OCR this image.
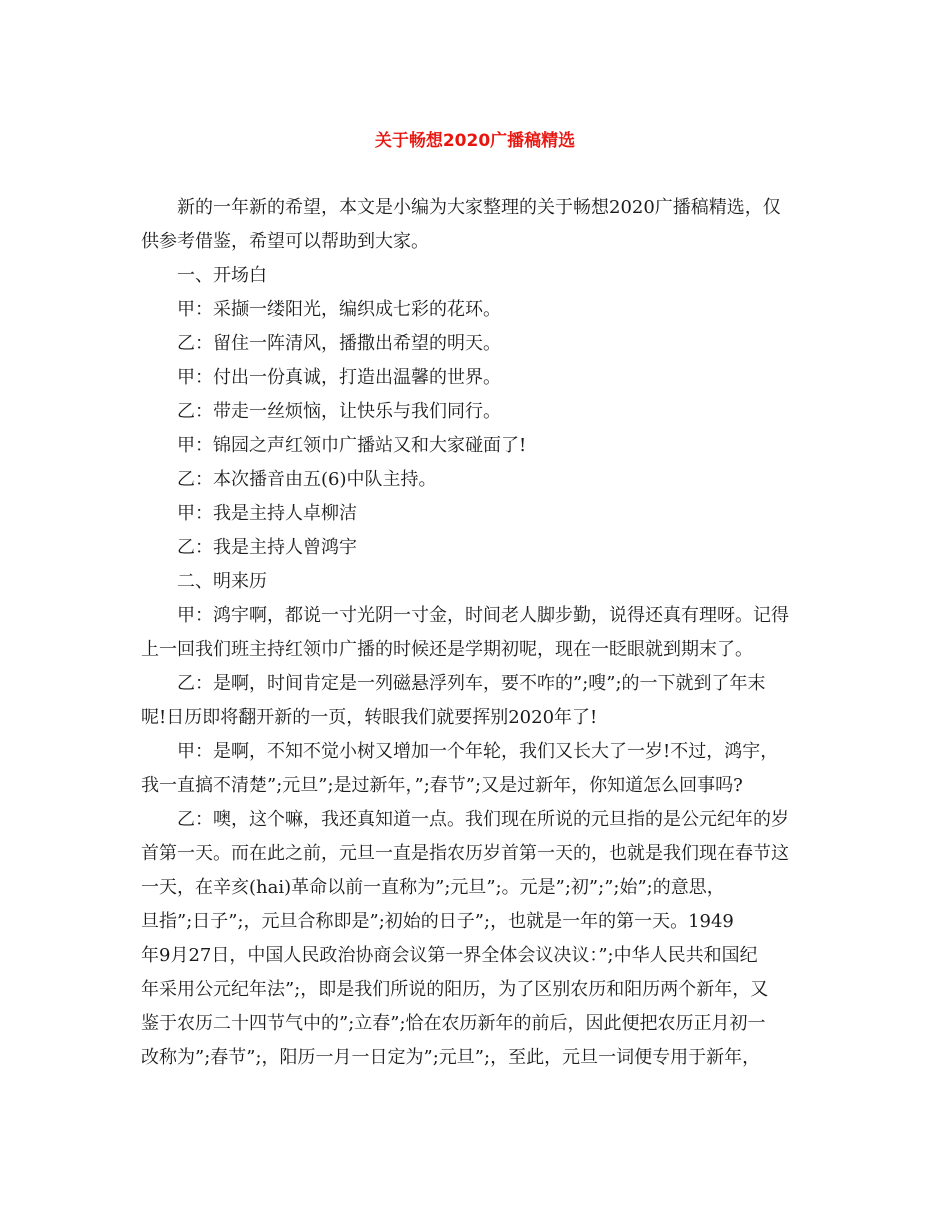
关于畅想2020广播稿精选
新的一年新的希望，本文是小编为大家整理的关于畅想2020广播稿精选，仅
供参考借鉴，希望可以帮助到大家。
一、开场白
甲：采撷一缕阳光，编织成七彩的花环。
乙：留住一阵清风，播撒出希望的明天。
甲：付出一份真诚，打造出温馨的世界。
乙：带走一丝烦恼，让快乐与我们同行。
甲：锦园之声红领巾广播站又和大家碰面了!
乙：本次播音由五(6)中队主持。
甲：我是主持人卓柳洁
乙：我是主持人曾鸿宇
二、明来历
甲：鸿宇啊，都说一寸光阴一寸金，时间老人脚步勤，说得还真有理呀。记得
上一回我们班主持红领巾广播的时候还是学期初呢，现在一眨眼就到期末了。
乙：是啊，时间肯定是一列磁悬浮列车，要不咋的”;嗖”;的一下就到了年末
呢!日历即将翻开新的一页，转眼我们就要挥别2020年了!
甲：是啊，不知不觉小树又增加一个年轮，我们又长大了一岁!不过，鸿宇，
我一直搞不清楚”;元旦”;是过新年，”;春节”;又是过新年，你知道怎么回事吗?
乙：噢，这个嘛，我还真知道一点。我们现在所说的元旦指的是公元纪年的岁
首第一天。而在此之前，元旦一直是指农历岁首第一天的，也就是我们现在春节这
一天，在辛亥(hai)革命以前一直称为”;元旦”;。元是”;初”;”;始”;的意思，
旦指”;日子”;，元旦合称即是”;初始的日子”;，也就是一年的第一天。1949
年9月27日，中国人民政治协商会议第一界全体会议决议：”;中华人民共和国纪
年采用公元纪年法”;，即是我们所说的阳历，为了区别农历和阳历两个新年，又
鉴于农历二十四节气中的”;立春”;恰在农历新年的前后，因此便把农历正月初一
改称为”;春节”;，阳历一月一日定为”;元旦”;，至此，元旦一词便专用于新年，
